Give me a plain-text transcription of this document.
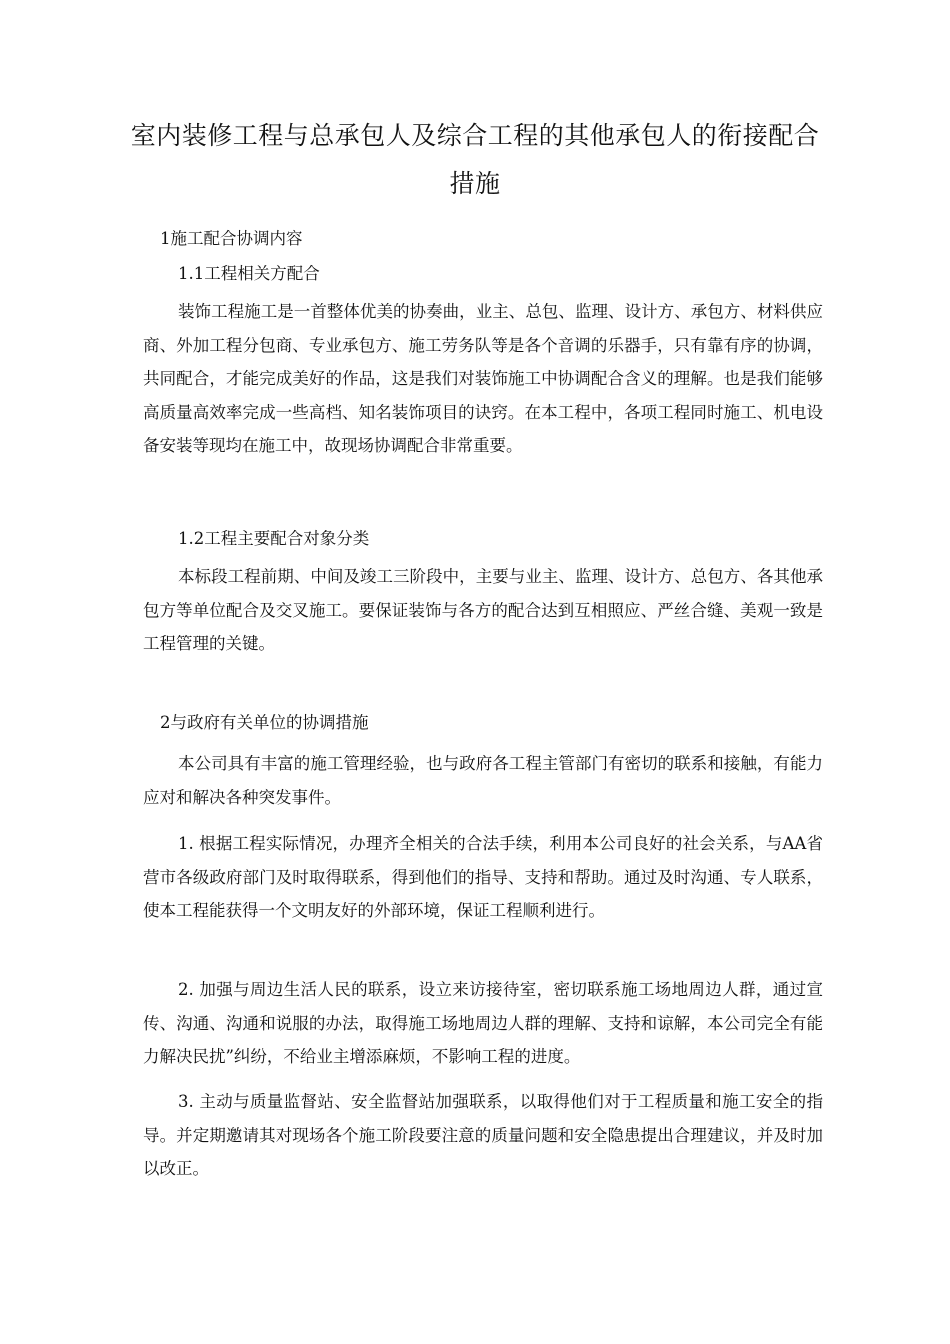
室内装修工程与总承包人及综合工程的其他承包人的衔接配合措施
1施工配合协调内容
1.1工程相关方配合
装饰工程施工是一首整体优美的协奏曲，业主、总包、监理、设计方、承包方、材料供应商、外加工程分包商、专业承包方、施工劳务队等是各个音调的乐器手，只有靠有序的协调，共同配合，才能完成美好的作品，这是我们对装饰施工中协调配合含义的理解。也是我们能够高质量高效率完成一些高档、知名装饰项目的诀窍。在本工程中，各项工程同时施工、机电设备安装等现均在施工中，故现场协调配合非常重要。
1.2工程主要配合对象分类
本标段工程前期、中间及竣工三阶段中，主要与业主、监理、设计方、总包方、各其他承包方等单位配合及交叉施工。要保证装饰与各方的配合达到互相照应、严丝合缝、美观一致是工程管理的关键。
2与政府有关单位的协调措施
本公司具有丰富的施工管理经验，也与政府各工程主管部门有密切的联系和接触，有能力应对和解决各种突发事件。
1. 根据工程实际情况，办理齐全相关的合法手续，利用本公司良好的社会关系，与AA省营市各级政府部门及时取得联系，得到他们的指导、支持和帮助。通过及时沟通、专人联系，使本工程能获得一个文明友好的外部环境，保证工程顺利进行。
2. 加强与周边生活人民的联系，设立来访接待室，密切联系施工场地周边人群，通过宣传、沟通、沟通和说服的办法，取得施工场地周边人群的理解、支持和谅解，本公司完全有能力解决民扰”纠纷，不给业主增添麻烦，不影响工程的进度。
3. 主动与质量监督站、安全监督站加强联系，以取得他们对于工程质量和施工安全的指导。并定期邀请其对现场各个施工阶段要注意的质量问题和安全隐患提出合理建议，并及时加以改正。
